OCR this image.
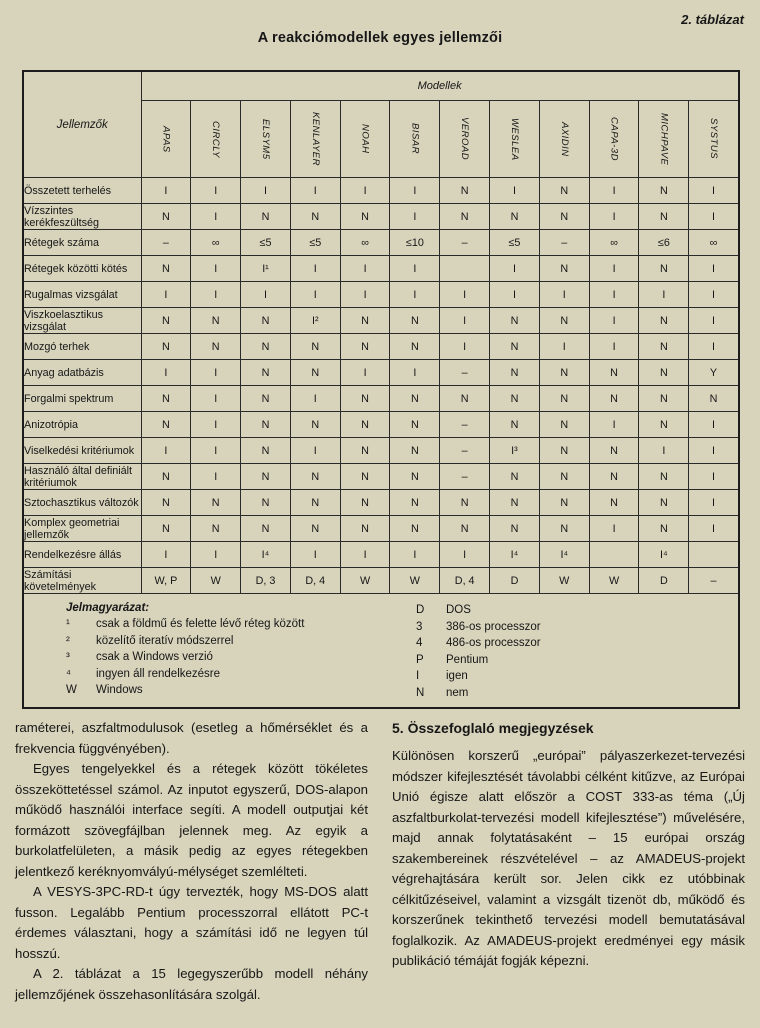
2. táblázat
A reakciómodellek egyes jellemzői
Jellemzők	Modellek											

	APAS	CIRCLY	ELSYM5	KENLAYER	NOAH	BISAR	VEROAD	WESLEA	AXIDIN	CAPA-3D	MICHPAVE	SYSTUS

Összetett terhelés	I	I	I	I	I	I	N	I	N	I	N	I
Vízszintes kerékfeszültség	N	I	N	N	N	I	N	N	N	I	N	I
Rétegek száma	–	∞	≤5	≤5	∞	≤10	–	≤5	–	∞	≤6	∞
Rétegek közötti kötés	N	I	I¹	I	I	I		I	N	I	N	I
Rugalmas vizsgálat	I	I	I	I	I	I	I	I	I	I	I	I
Viszkoelasztikus vizsgálat	N	N	N	I²	N	N	I	N	N	I	N	I
Mozgó terhek	N	N	N	N	N	N	I	N	I	I	N	I
Anyag adatbázis	I	I	N	N	I	I	–	N	N	N	N	Y
Forgalmi spektrum	N	I	N	I	N	N	N	N	N	N	N	N
Anizotrópia	N	I	N	N	N	N	–	N	N	I	N	I
Viselkedési kritériumok	I	I	N	I	N	N	–	I³	N	N	I	I
Használó által definiált kritériumok	N	I	N	N	N	N	–	N	N	N	N	I
Sztochasztikus változók	N	N	N	N	N	N	N	N	N	N	N	I
Komplex geometriai jellemzők	N	N	N	N	N	N	N	N	N	I	N	I
Rendelkezésre állás	I	I	I⁴	I	I	I	I	I⁴	I⁴		I⁴	
Számítási követelmények	W, P	W	D, 3	D, 4	W	W	D, 4	D	W	W	D	–

Jelmagyarázat:
¹	csak a földmű és felette lévő réteg között
²	közelítő iteratív módszerrel
³	csak a Windows verzió
⁴	ingyen áll rendelkezésre
W	Windows
D	DOS
3	386-os processzor
4	486-os processzor
P	Pentium
I	igen
N	nem

raméterei, aszfaltmodulusok (esetleg a hőmérséklet és a frekvencia függvényében).

Egyes tengelyekkel és a rétegek között tökéletes összeköttetéssel számol. Az inputot egyszerű, DOS-alapon működő használói interface segíti. A modell outputjai két formázott szövegfájlban jelennek meg. Az egyik a burkolatfelületen, a másik pedig az egyes rétegekben jelentkező keréknyomvályú-mélységet szemlélteti.

A VESYS-3PC-RD-t úgy tervezték, hogy MS-DOS alatt fusson. Legalább Pentium processzorral ellátott PC-t érdemes választani, hogy a számítási idő ne legyen túl hosszú.

A 2. táblázat a 15 legegyszerűbb modell néhány jellemzőjének összehasonlítására szolgál.

5. Összefoglaló megjegyzések

Különösen korszerű „európai” pályaszerkezet-tervezési módszer kifejlesztését távolabbi célként kitűzve, az Európai Unió égisze alatt először a COST 333-as téma („Új aszfaltburkolat-tervezési modell kifejlesztése”) művelésére, majd annak folytatásaként – 15 európai ország szakembereinek részvételével – az AMADEUS-projekt végrehajtására került sor. Jelen cikk ez utóbbinak célkitűzéseivel, valamint a vizsgált tizenöt db, működő és korszerűnek tekinthető tervezési modell bemutatásával foglalkozik. Az AMADEUS-projekt eredményei egy másik publikáció témáját fogják képezni.
